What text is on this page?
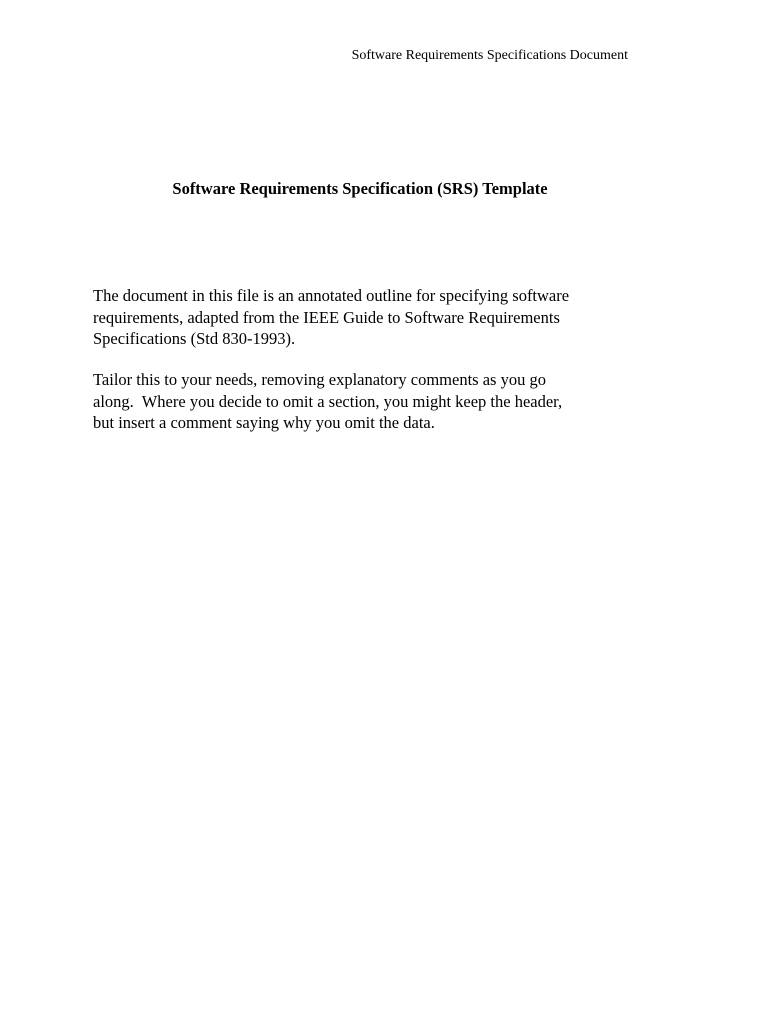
Software Requirements Specifications Document
Software Requirements Specification (SRS) Template
The document in this file is an annotated outline for specifying software
requirements, adapted from the IEEE Guide to Software Requirements
Specifications (Std 830-1993).
Tailor this to your needs, removing explanatory comments as you go
along.  Where you decide to omit a section, you might keep the header,
but insert a comment saying why you omit the data.
